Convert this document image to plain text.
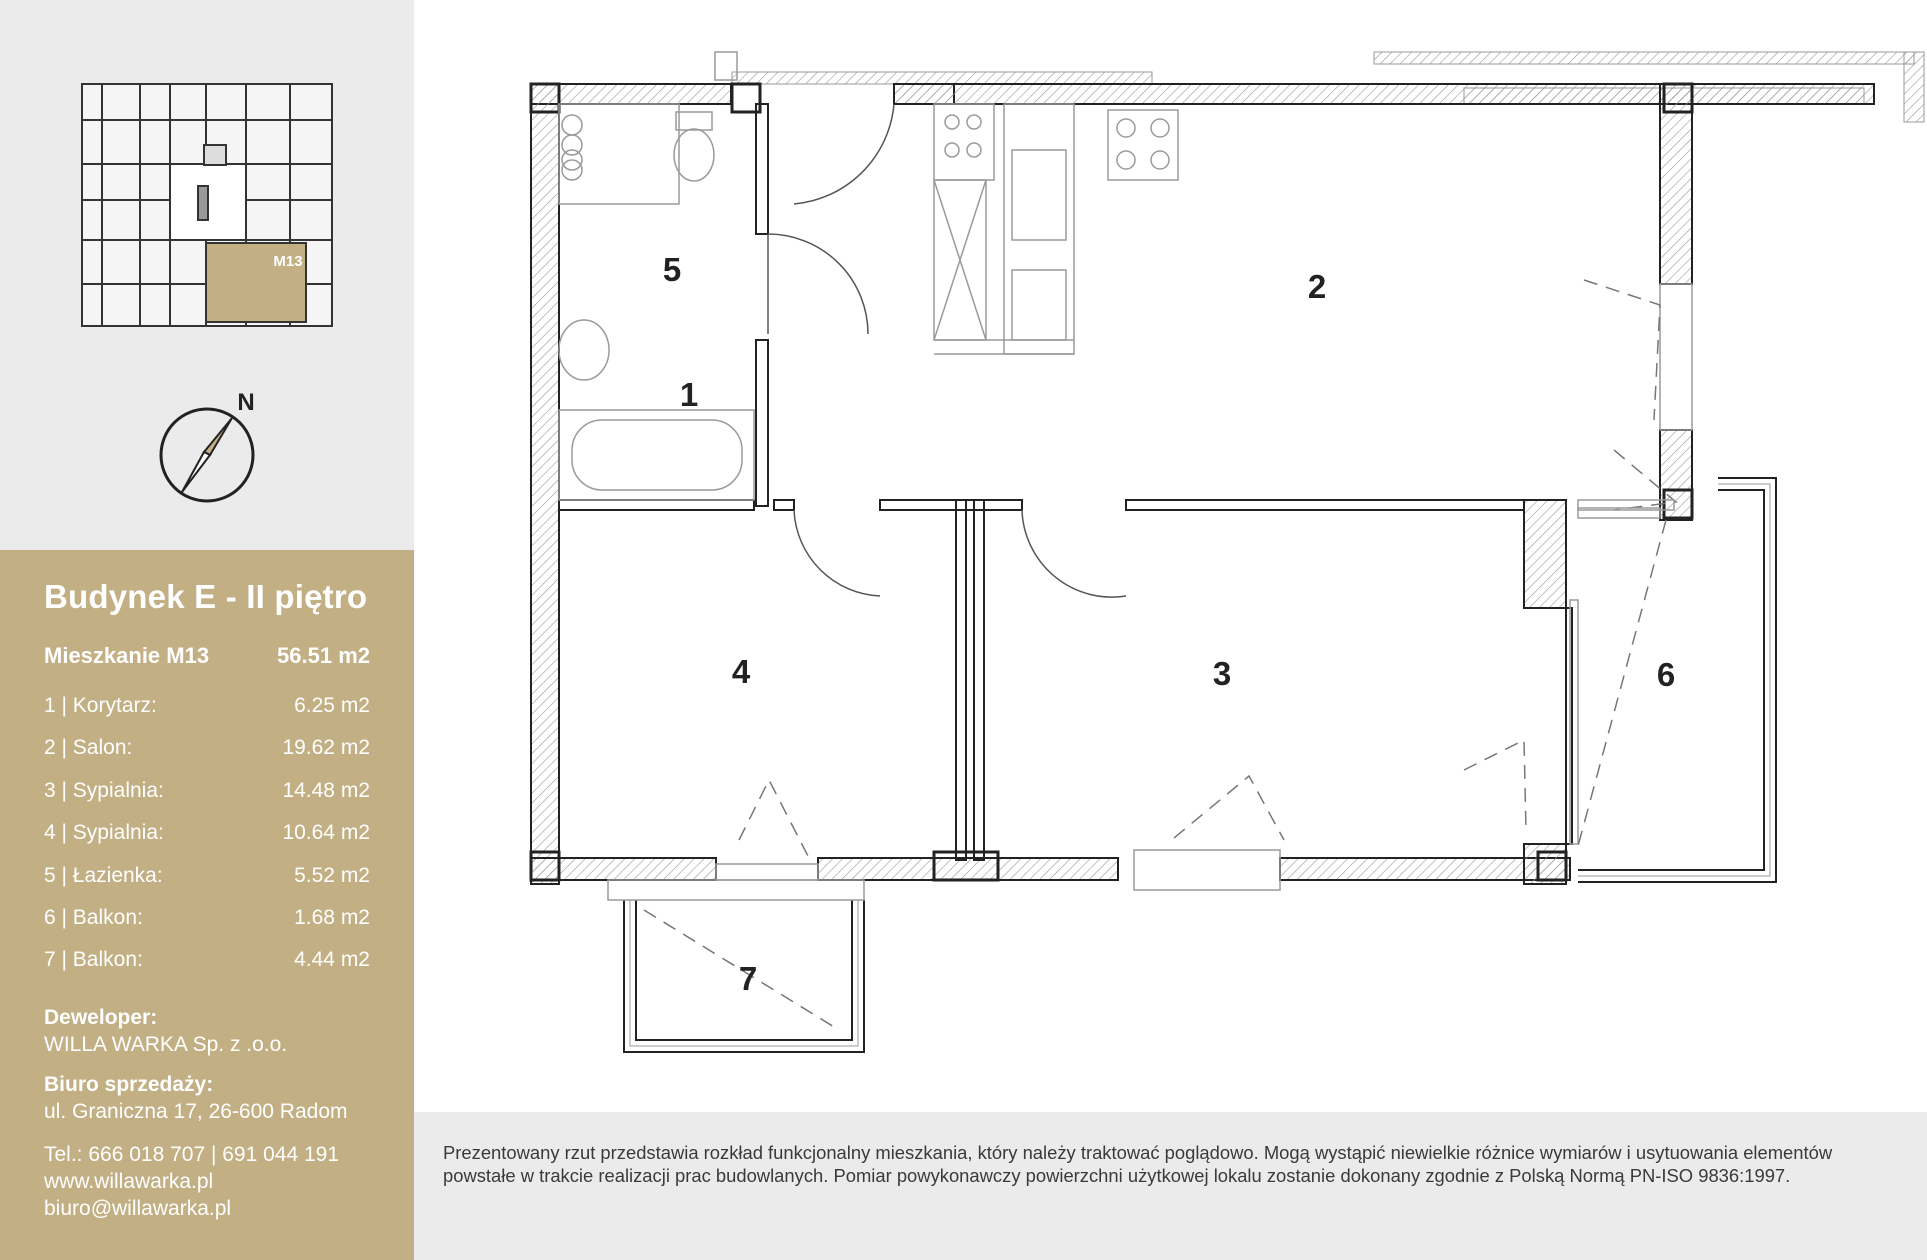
M13
N
Budynek E - II piętro
Mieszkanie M13	56.51 m2
1 | Korytarz:	6.25 m2
2 | Salon:	19.62 m2
3 | Sypialnia:	14.48 m2
4 | Sypialnia:	10.64 m2
5 | Łazienka:	5.52 m2
6 | Balkon:	1.68 m2
7 | Balkon:	4.44 m2
Deweloper:
WILLA WARKA Sp. z .o.o.
Biuro sprzedaży:
ul. Graniczna 17, 26-600 Radom
Tel.: 666 018 707 | 691 044 191
www.willawarka.pl
biuro@willawarka.pl
1
2
3
4
5
6
7
Prezentowany rzut przedstawia rozkład funkcjonalny mieszkania, który należy traktować poglądowo. Mogą wystąpić niewielkie różnice wymiarów i usytuowania elementów powstałe w trakcie realizacji prac budowlanych. Pomiar powykonawczy powierzchni użytkowej lokalu zostanie dokonany zgodnie z Polską Normą PN-ISO 9836:1997.
